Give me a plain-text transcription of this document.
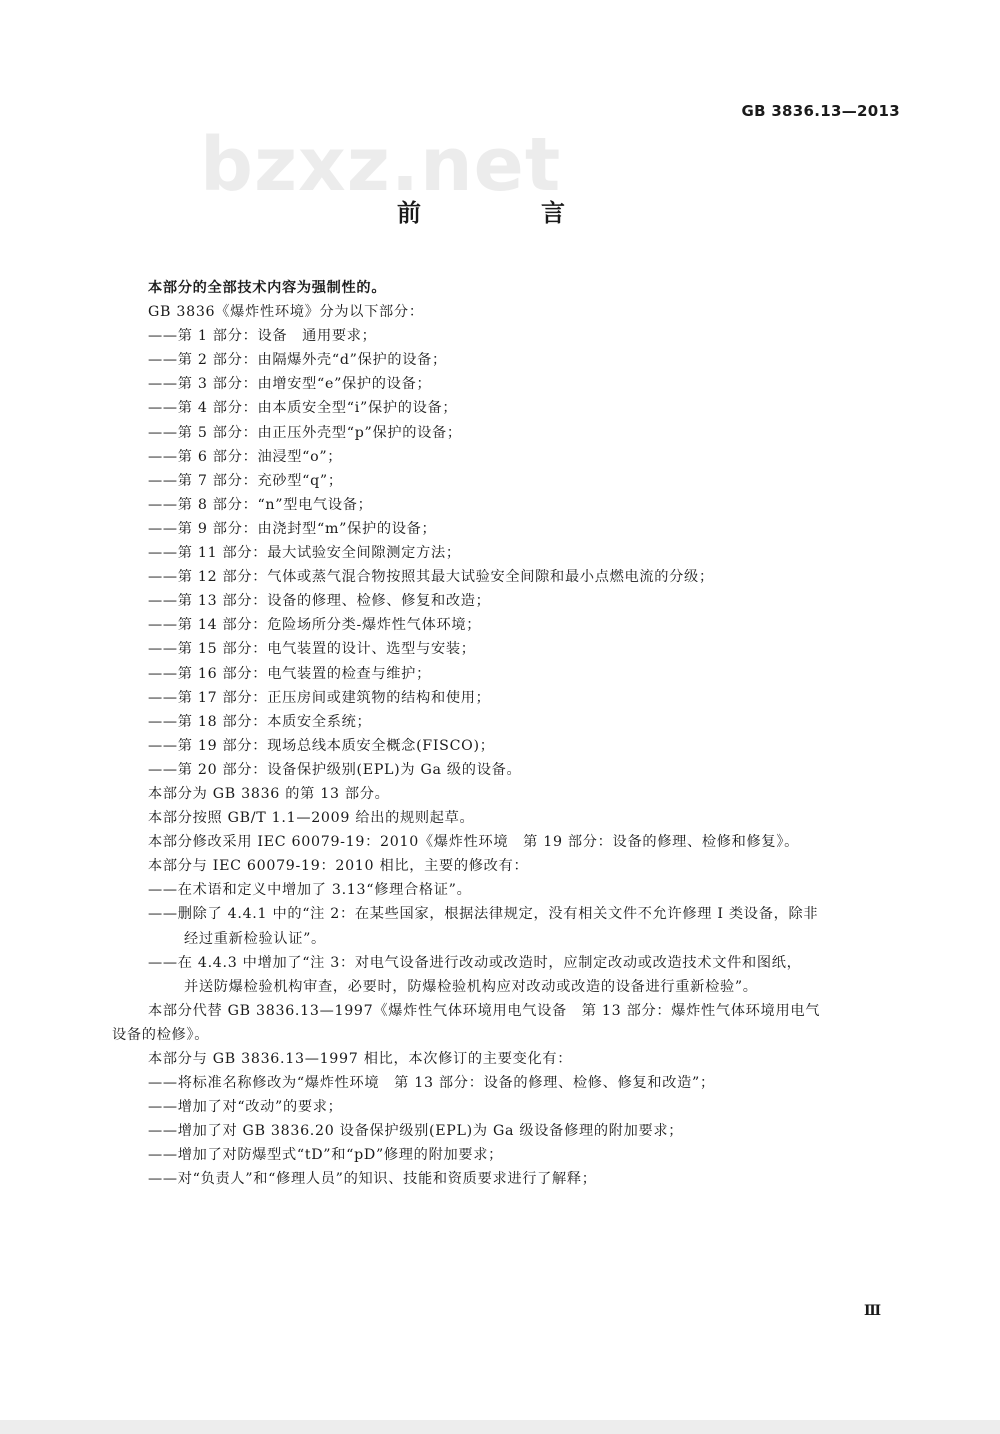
GB 3836.13—2013
bzxz.net
前　言
本部分的全部技术内容为强制性的。
GB 3836《爆炸性环境》分为以下部分：
——第 1 部分：设备　通用要求；
——第 2 部分：由隔爆外壳“d”保护的设备；
——第 3 部分：由增安型“e”保护的设备；
——第 4 部分：由本质安全型“i”保护的设备；
——第 5 部分：由正压外壳型“p”保护的设备；
——第 6 部分：油浸型“o”；
——第 7 部分：充砂型“q”；
——第 8 部分：“n”型电气设备；
——第 9 部分：由浇封型“m”保护的设备；
——第 11 部分：最大试验安全间隙测定方法；
——第 12 部分：气体或蒸气混合物按照其最大试验安全间隙和最小点燃电流的分级；
——第 13 部分：设备的修理、检修、修复和改造；
——第 14 部分：危险场所分类-爆炸性气体环境；
——第 15 部分：电气装置的设计、选型与安装；
——第 16 部分：电气装置的检查与维护；
——第 17 部分：正压房间或建筑物的结构和使用；
——第 18 部分：本质安全系统；
——第 19 部分：现场总线本质安全概念(FISCO)；
——第 20 部分：设备保护级别(EPL)为 Ga 级的设备。
本部分为 GB 3836 的第 13 部分。
本部分按照 GB/T 1.1—2009 给出的规则起草。
本部分修改采用 IEC 60079-19：2010《爆炸性环境　第 19 部分：设备的修理、检修和修复》。
本部分与 IEC 60079-19：2010 相比，主要的修改有：
——在术语和定义中增加了 3.13“修理合格证”。
——删除了 4.4.1 中的“注 2：在某些国家，根据法律规定，没有相关文件不允许修理 I 类设备，除非
经过重新检验认证”。
——在 4.4.3 中增加了“注 3：对电气设备进行改动或改造时，应制定改动或改造技术文件和图纸，
并送防爆检验机构审查，必要时，防爆检验机构应对改动或改造的设备进行重新检验”。
本部分代替 GB 3836.13—1997《爆炸性气体环境用电气设备　第 13 部分：爆炸性气体环境用电气
设备的检修》。
本部分与 GB 3836.13—1997 相比，本次修订的主要变化有：
——将标准名称修改为“爆炸性环境　第 13 部分：设备的修理、检修、修复和改造”；
——增加了对“改动”的要求；
——增加了对 GB 3836.20 设备保护级别(EPL)为 Ga 级设备修理的附加要求；
——增加了对防爆型式“tD”和“pD”修理的附加要求；
——对“负责人”和“修理人员”的知识、技能和资质要求进行了解释；
Ⅲ
